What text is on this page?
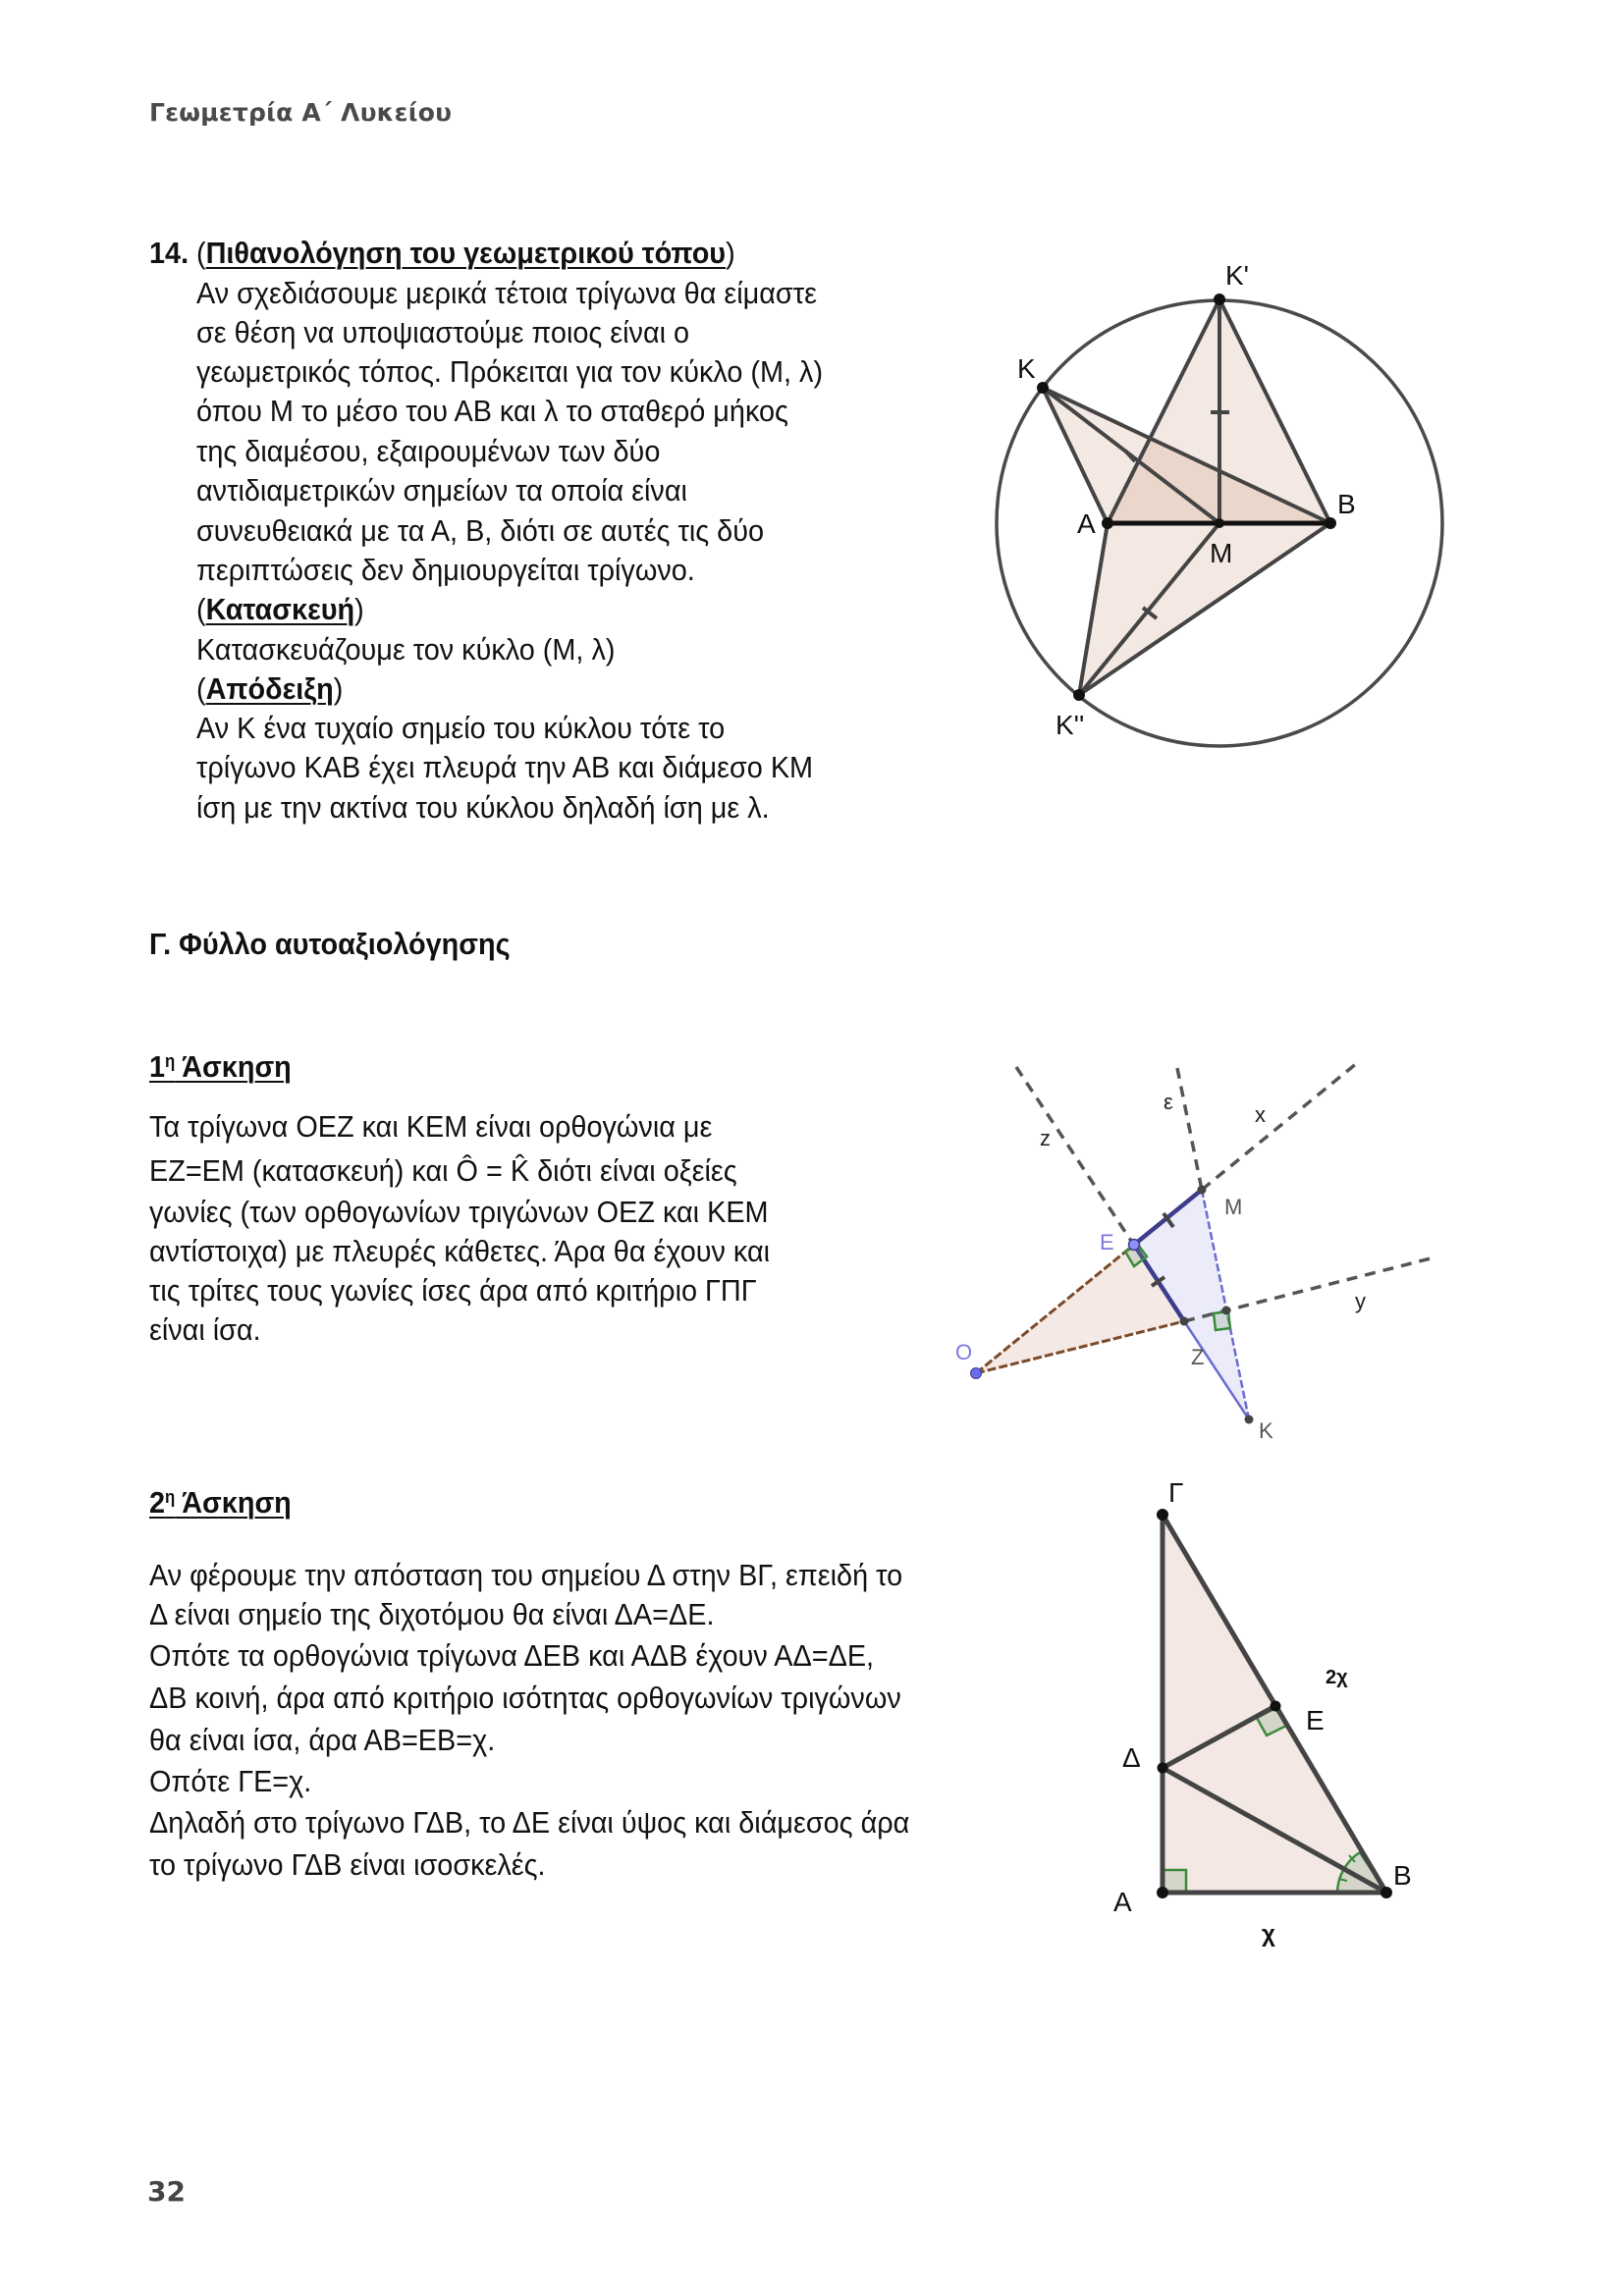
Γεωμετρία Α΄ Λυκείου
14. (Πιθανολόγηση του γεωμετρικού τόπου)
Αν σχεδιάσουμε μερικά τέτοια τρίγωνα θα είμαστε
σε θέση να υποψιαστούμε ποιος είναι ο
γεωμετρικός τόπος. Πρόκειται για τον κύκλο (Μ, λ)
όπου Μ το μέσο του ΑΒ και λ το σταθερό μήκος
της διαμέσου, εξαιρουμένων των δύο
αντιδιαμετρικών σημείων τα οποία είναι
συνευθειακά με τα Α, Β, διότι σε αυτές τις δύο
περιπτώσεις δεν δημιουργείται τρίγωνο.
(Κατασκευή)
Κατασκευάζουμε τον κύκλο (Μ, λ)
(Απόδειξη)
Αν Κ ένα τυχαίο σημείο του κύκλου τότε το
τρίγωνο ΚΑΒ έχει πλευρά την ΑΒ και διάμεσο ΚΜ
ίση με την ακτίνα του κύκλου δηλαδή ίση με λ.
Κ
Κ'
Κ''
Α
Β
Μ
Γ. Φύλλο αυτοαξιολόγησης
$1^\eta$ Άσκηση
Τα τρίγωνα ΟΕΖ και ΚΕΜ είναι ορθογώνια με
ΕΖ=ΕΜ (κατασκευή) και Ô = K̂ διότι είναι οξείες
γωνίες (των ορθογωνίων τριγώνων ΟΕΖ και ΚΕΜ
αντίστοιχα) με πλευρές κάθετες. Άρα θα έχουν και
τις τρίτες τους γωνίες ίσες άρα από κριτήριο ΓΠΓ
είναι ίσα.
z
ε
x
y
M
Z
K
E
O
$2^\eta$ Άσκηση
Αν φέρουμε την απόσταση του σημείου Δ στην ΒΓ, επειδή το
Δ είναι σημείο της διχοτόμου θα είναι ΔΑ=ΔΕ.
Οπότε τα ορθογώνια τρίγωνα ΔΕΒ και ΑΔΒ έχουν ΑΔ=ΔΕ,
ΔΒ κοινή, άρα από κριτήριο ισότητας ορθογωνίων τριγώνων
θα είναι ίσα, άρα ΑΒ=ΕΒ=χ.
Οπότε ΓΕ=χ.
Δηλαδή στο τρίγωνο ΓΔΒ, το ΔΕ είναι ύψος και διάμεσος άρα
το τρίγωνο ΓΔΒ είναι ισοσκελές.
Γ
Ε
Δ
Α
Β
2χ
χ
32
